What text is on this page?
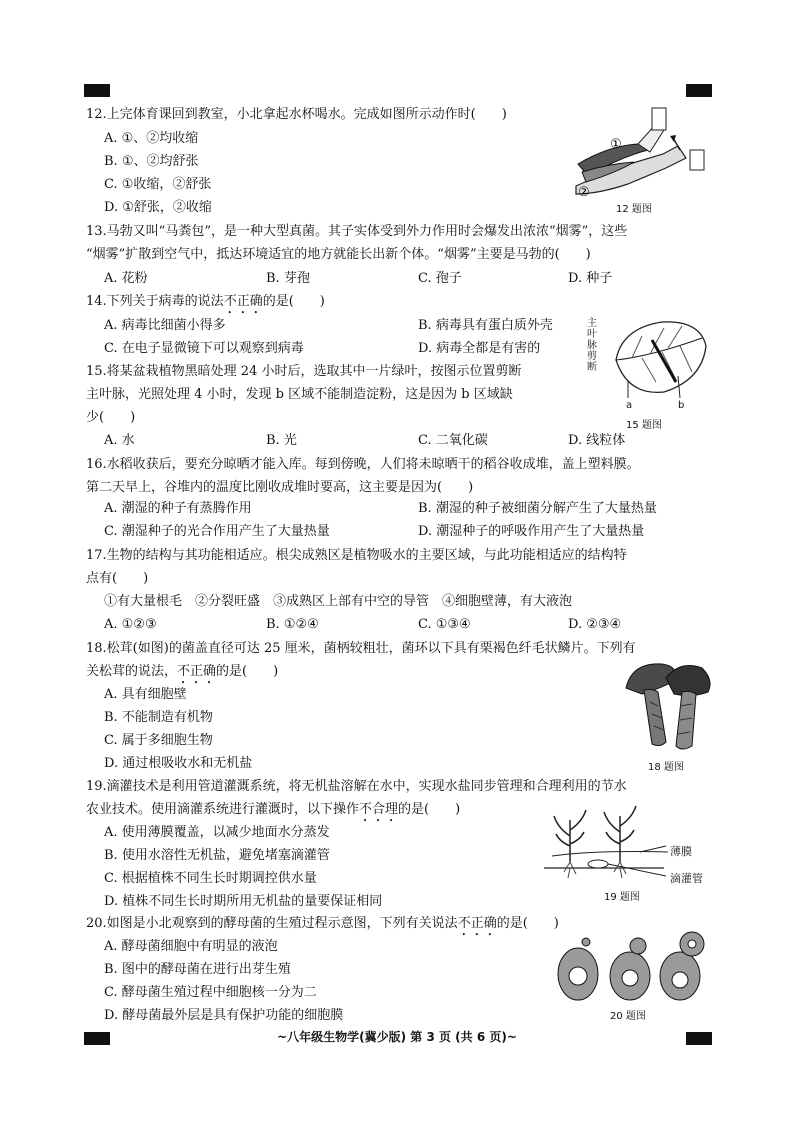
12.上完体育课回到教室，小北拿起水杯喝水。完成如图所示动作时(　　)
A. ①、②均收缩
B. ①、②均舒张
C. ①收缩，②舒张
D. ①舒张，②收缩
①
②
12 题图
13.马勃又叫“马粪包”，是一种大型真菌。其子实体受到外力作用时会爆发出浓浓“烟雾”，这些
“烟雾”扩散到空气中，抵达环境适宜的地方就能长出新个体。“烟雾”主要是马勃的(　　)
A. 花粉	B. 芽孢	C. 孢子	D. 种子
14.下列关于病毒的说法不正确的是(　　)
A. 病毒比细菌小得多	B. 病毒具有蛋白质外壳
C. 在电子显微镜下可以观察到病毒	D. 病毒全都是有害的
15.将某盆栽植物黑暗处理 24 小时后，选取其中一片绿叶，按图示位置剪断
主叶脉，光照处理 4 小时，发现 b 区域不能制造淀粉，这是因为 b 区域缺
少(　　)
A. 水	B. 光	C. 二氧化碳	D. 线粒体
主叶脉剪断
a	b
15 题图
16.水稻收获后，要充分晾晒才能入库。每到傍晚，人们将未晾晒干的稻谷收成堆，盖上塑料膜。
第二天早上，谷堆内的温度比刚收成堆时要高，这主要是因为(　　)
A. 潮湿的种子有蒸腾作用	B. 潮湿的种子被细菌分解产生了大量热量
C. 潮湿种子的光合作用产生了大量热量	D. 潮湿种子的呼吸作用产生了大量热量
17.生物的结构与其功能相适应。根尖成熟区是植物吸水的主要区域，与此功能相适应的结构特
点有(　　)
①有大量根毛　②分裂旺盛　③成熟区上部有中空的导管　④细胞壁薄，有大液泡
A. ①②③	B. ①②④	C. ①③④	D. ②③④
18.松茸(如图)的菌盖直径可达 25 厘米，菌柄较粗壮，菌环以下具有栗褐色纤毛状鳞片。下列有
关松茸的说法，不正确的是(　　)
A. 具有细胞壁
B. 不能制造有机物
C. 属于多细胞生物
D. 通过根吸收水和无机盐	18 题图
19.滴灌技术是利用管道灌溉系统，将无机盐溶解在水中，实现水盐同步管理和合理利用的节水
农业技术。使用滴灌系统进行灌溉时，以下操作不合理的是(　　)
A. 使用薄膜覆盖，以减少地面水分蒸发
B. 使用水溶性无机盐，避免堵塞滴灌管
C. 根据植株不同生长时期调控供水量
D. 植株不同生长时期所用无机盐的量要保证相同
薄膜
滴灌管
19 题图
20.如图是小北观察到的酵母菌的生殖过程示意图，下列有关说法不正确的是(　　)
A. 酵母菌细胞中有明显的液泡
B. 图中的酵母菌在进行出芽生殖
C. 酵母菌生殖过程中细胞核一分为二
D. 酵母菌最外层是具有保护功能的细胞膜	20 题图
~八年级生物学(冀少版) 第 3 页 (共 6 页)~
